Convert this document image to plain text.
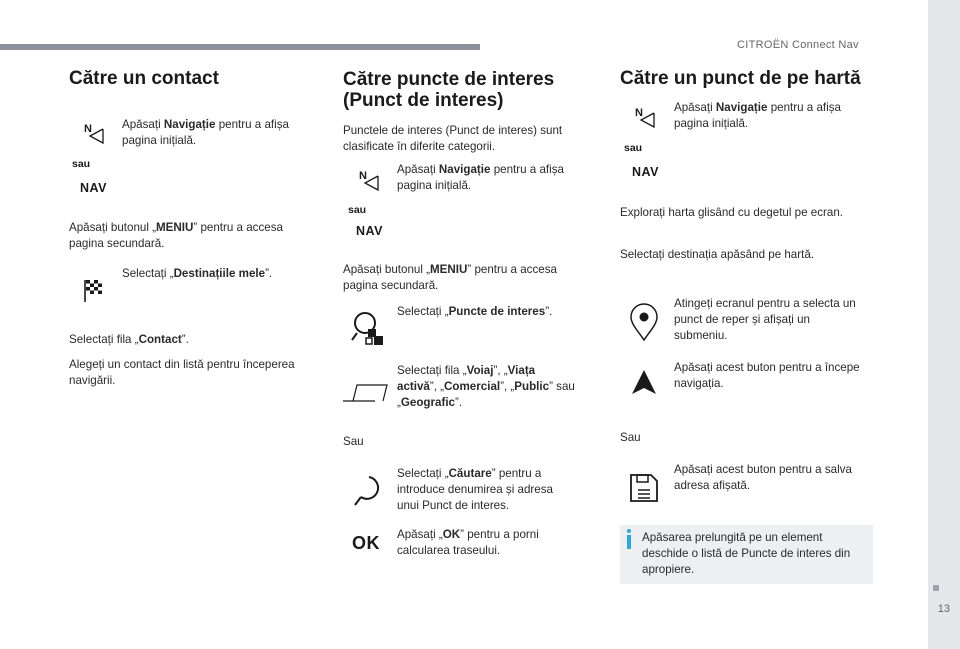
CITROËN Connect Nav
13
Către un contact
N
sau
NAV
Apăsați Navigație pentru a afișa pagina inițială.
Apăsați butonul „MENIU” pentru a accesa pagina secundară.
Selectați „Destinațiile mele”.
Selectați fila „Contact”.
Alegeți un contact din listă pentru începerea navigării.
Către puncte de interes
(Punct de interes)
Punctele de interes (Punct de interes) sunt clasificate în diferite categorii.
N
sau
NAV
Apăsați Navigație pentru a afișa pagina inițială.
Apăsați butonul „MENIU” pentru a accesa pagina secundară.
Selectați „Puncte de interes”.
Selectați fila „Voiaj”, „Viața activă”, „Comercial”, „Public” sau „Geografic”.
Sau
Selectați „Căutare” pentru a introduce denumirea și adresa unui Punct de interes.
OK Apăsați „OK” pentru a porni calcularea traseului.
Către un punct de pe hartă
N
sau
NAV
Apăsați Navigație pentru a afișa pagina inițială.
Explorați harta glisând cu degetul pe ecran.
Selectați destinația apăsând pe hartă.
Atingeți ecranul pentru a selecta un punct de reper și afișați un submeniu.
Apăsați acest buton pentru a începe navigația.
Sau
Apăsați acest buton pentru a salva adresa afișată.
Apăsarea prelungită pe un element deschide o listă de Puncte de interes din apropiere.
